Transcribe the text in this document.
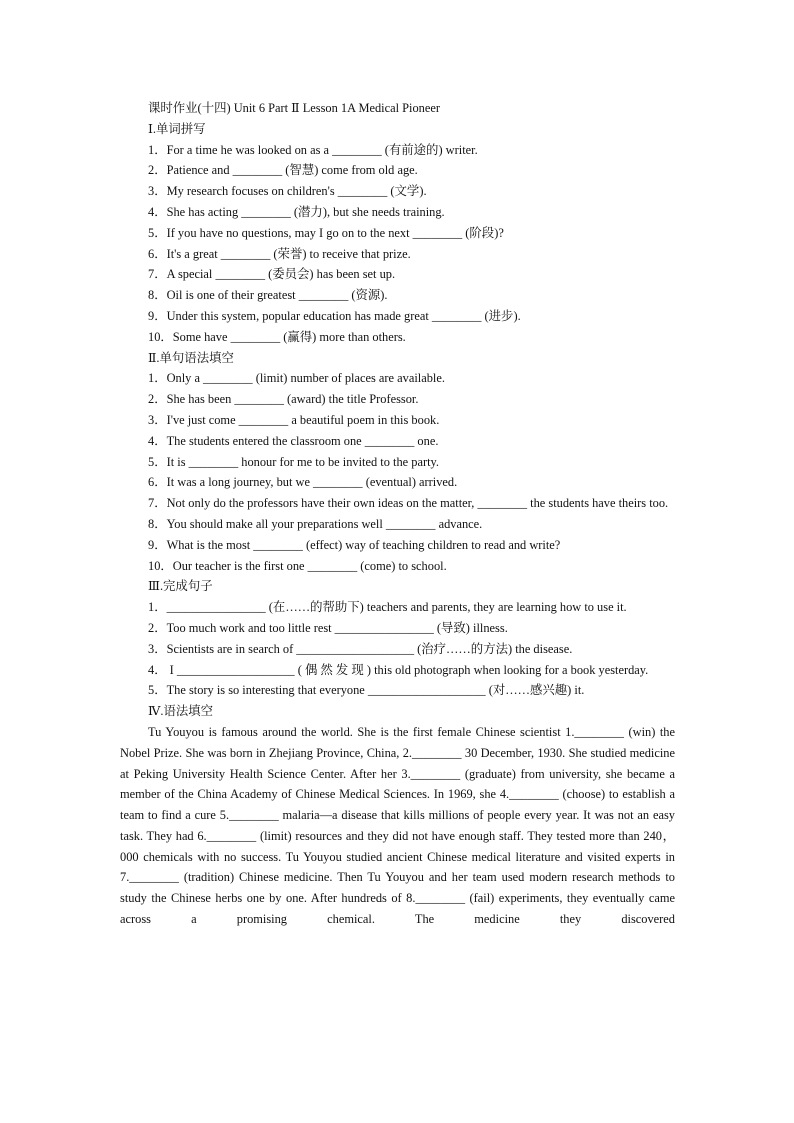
课时作业(十四) Unit 6 Part Ⅱ Lesson 1A Medical Pioneer
Ⅰ.单词拼写
1．For a time he was looked on as a ________ (有前途的) writer.
2．Patience and ________ (智慧) come from old age.
3．My research focuses on children's ________ (文学).
4．She has acting ________ (潜力), but she needs training.
5．If you have no questions, may I go on to the next ________ (阶段)?
6．It's a great ________ (荣誉) to receive that prize.
7．A special ________ (委员会) has been set up.
8．Oil is one of their greatest ________ (资源).
9．Under this system, popular education has made great ________ (进步).
10．Some have ________ (赢得) more than others.
Ⅱ.单句语法填空
1．Only a ________ (limit) number of places are available.
2．She has been ________ (award) the title Professor.
3．I've just come ________ a beautiful poem in this book.
4．The students entered the classroom one ________ one.
5．It is ________ honour for me to be invited to the party.
6．It was a long journey, but we ________ (eventual) arrived.
7．Not only do the professors have their own ideas on the matter, ________ the students have theirs too.
8．You should make all your preparations well ________ advance.
9．What is the most ________ (effect) way of teaching children to read and write?
10．Our teacher is the first one ________ (come) to school.
Ⅲ.完成句子
1．________________ (在……的帮助下) teachers and parents, they are learning how to use it.
2．Too much work and too little rest ________________ (导致) illness.
3．Scientists are in search of ___________________ (治疗……的方法) the disease.
4． I ___________________ ( 偶 然 发 现 ) this old photograph when looking for a book yesterday.
5．The story is so interesting that everyone ___________________ (对……感兴趣) it.
Ⅳ.语法填空
Tu Youyou is famous around the world. She is the first female Chinese scientist 1.________ (win) the Nobel Prize. She was born in Zhejiang Province, China, 2.________ 30 December, 1930. She studied medicine at Peking University Health Science Center. After her 3.________ (graduate) from university, she became a member of the China Academy of Chinese Medical Sciences. In 1969, she 4.________ (choose) to establish a team to find a cure 5.________ malaria—a disease that kills millions of people every year. It was not an easy task. They had 6.________ (limit) resources and they did not have enough staff. They tested more than 240，000 chemicals with no success. Tu Youyou studied ancient Chinese medical literature and visited experts in 7.________ (tradition) Chinese medicine. Then Tu Youyou and her team used modern research methods to study the Chinese herbs one by one. After hundreds of 8.________ (fail) experiments, they eventually came across a promising chemical. The medicine they discovered
